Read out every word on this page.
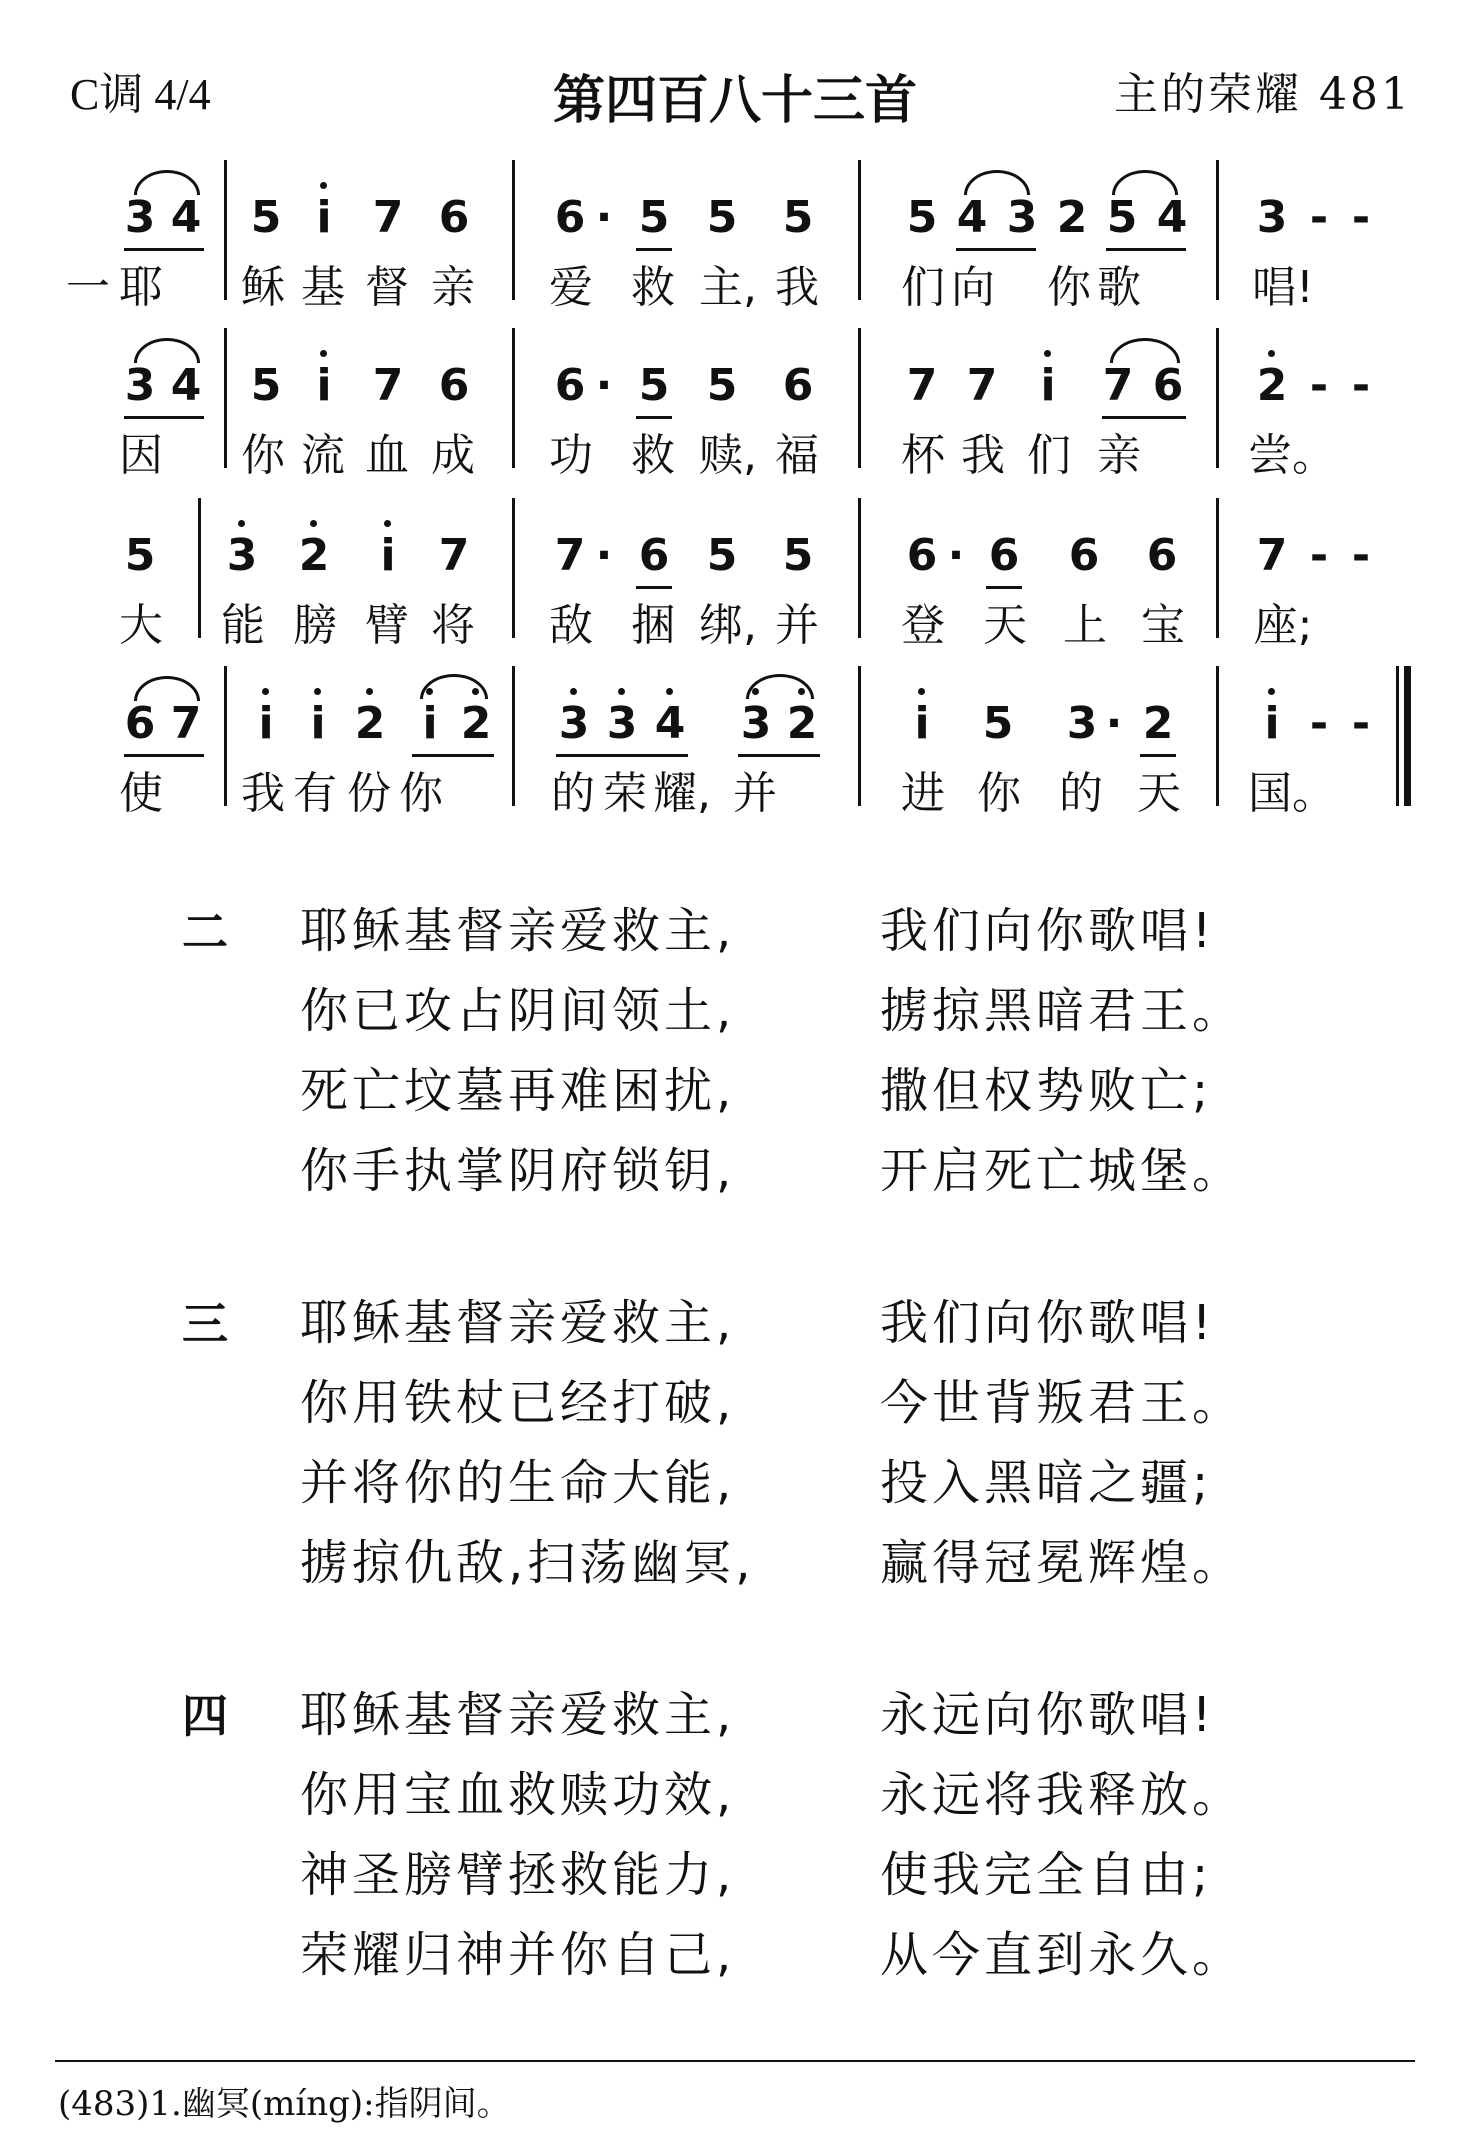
C调 4/4	第四百八十三首	主的荣耀 481
3 4 5 i 7 6 6 · 5 5 5 5 4 3 2 5 4 3 - -
一 耶 稣 基 督 亲 爱 救 主, 我 们 向 你 歌	唱!
3 4 5 i 7 6 6 · 5 5 6 7 7 i 7 6 2 - -
因 你 流 血 成 功 救 赎, 福 杯 我 们 亲 尝。
5 3 2 i 7 7 · 6 5 5 6 · 6 6 6 7 - -
大 能 膀 臂 将 敌 捆 绑, 并 登 天 上 宝 座;
6 7 i i 2 i 2 3 3 4 3 2 i 5 3 · 2 i - -
使 我 有 份 你 的 荣 耀, 并	进 你 的 天 国。
二 耶稣基督亲爱救主,	我们向你歌唱!
你已攻占阴间领土,	掳掠黑暗君王。
死亡坟墓再难困扰,	撒但权势败亡;
你手执掌阴府锁钥,	开启死亡城堡。
三 耶稣基督亲爱救主,	我们向你歌唱!
你用铁杖已经打破,	今世背叛君王。
并将你的生命大能,	投入黑暗之疆;
掳掠仇敌,扫荡幽冥,	赢得冠冕辉煌。
四 耶稣基督亲爱救主,	永远向你歌唱!
你用宝血救赎功效,	永远将我释放。
神圣膀臂拯救能力,	使我完全自由;
荣耀归神并你自己,	从今直到永久。
(483)1.幽冥(míng):指阴间。
